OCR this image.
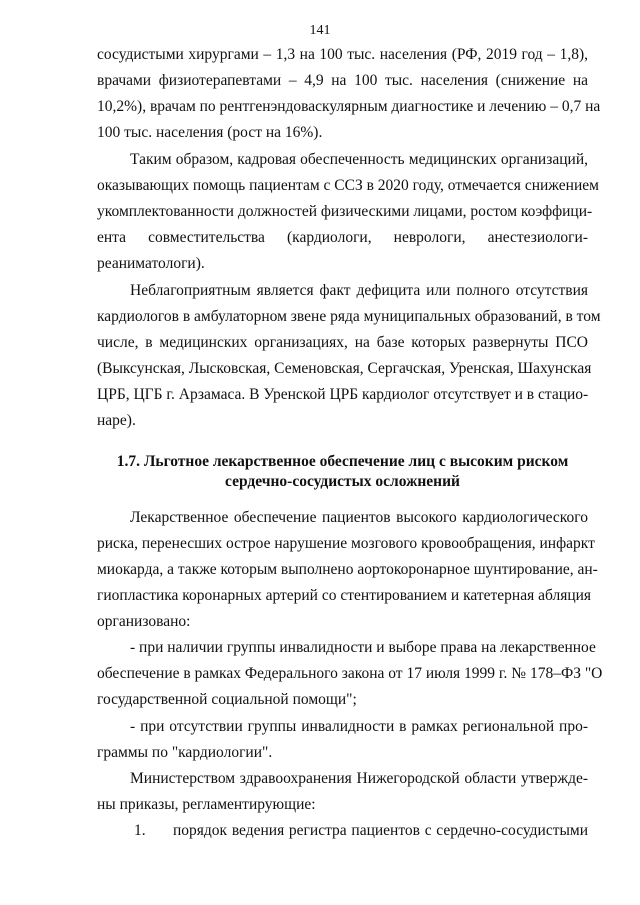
141
сосудистыми хирургами – 1,3 на 100 тыс. населения (РФ, 2019 год – 1,8),
врачами физиотерапевтами – 4,9 на 100 тыс. населения (снижение на
10,2%), врачам по рентгенэндоваскулярным диагностике и лечению – 0,7 на
100 тыс. населения (рост на 16%).
Таким образом, кадровая обеспеченность медицинских организаций,
оказывающих помощь пациентам с ССЗ в 2020 году, отмечается снижением
укомплектованности должностей физическими лицами, ростом коэффици-
ента совместительства (кардиологи, неврологи, анестезиологи-
реаниматологи).
Неблагоприятным является факт дефицита или полного отсутствия
кардиологов в амбулаторном звене ряда муниципальных образований, в том
числе, в медицинских организациях, на базе которых развернуты ПСО
(Выксунская, Лысковская, Семеновская, Сергачская, Уренская, Шахунская
ЦРБ, ЦГБ г. Арзамаса. В Уренской ЦРБ кардиолог отсутствует и в стацио-
наре).
1.7. Льготное лекарственное обеспечение лиц с высоким риском
сердечно-сосудистых осложнений
Лекарственное обеспечение пациентов высокого кардиологического
риска, перенесших острое нарушение мозгового кровообращения, инфаркт
миокарда, а также которым выполнено аортокоронарное шунтирование, ан-
гиопластика коронарных артерий со стентированием и катетерная абляция
организовано:
- при наличии группы инвалидности и выборе права на лекарственное
обеспечение в рамках Федерального закона от 17 июля 1999 г. № 178–ФЗ "О
государственной социальной помощи";
- при отсутствии группы инвалидности в рамках региональной про-
граммы по "кардиологии".
Министерством здравоохранения Нижегородской области утвержде-
ны приказы, регламентирующие:
1.	порядок ведения регистра пациентов с сердечно-сосудистыми
